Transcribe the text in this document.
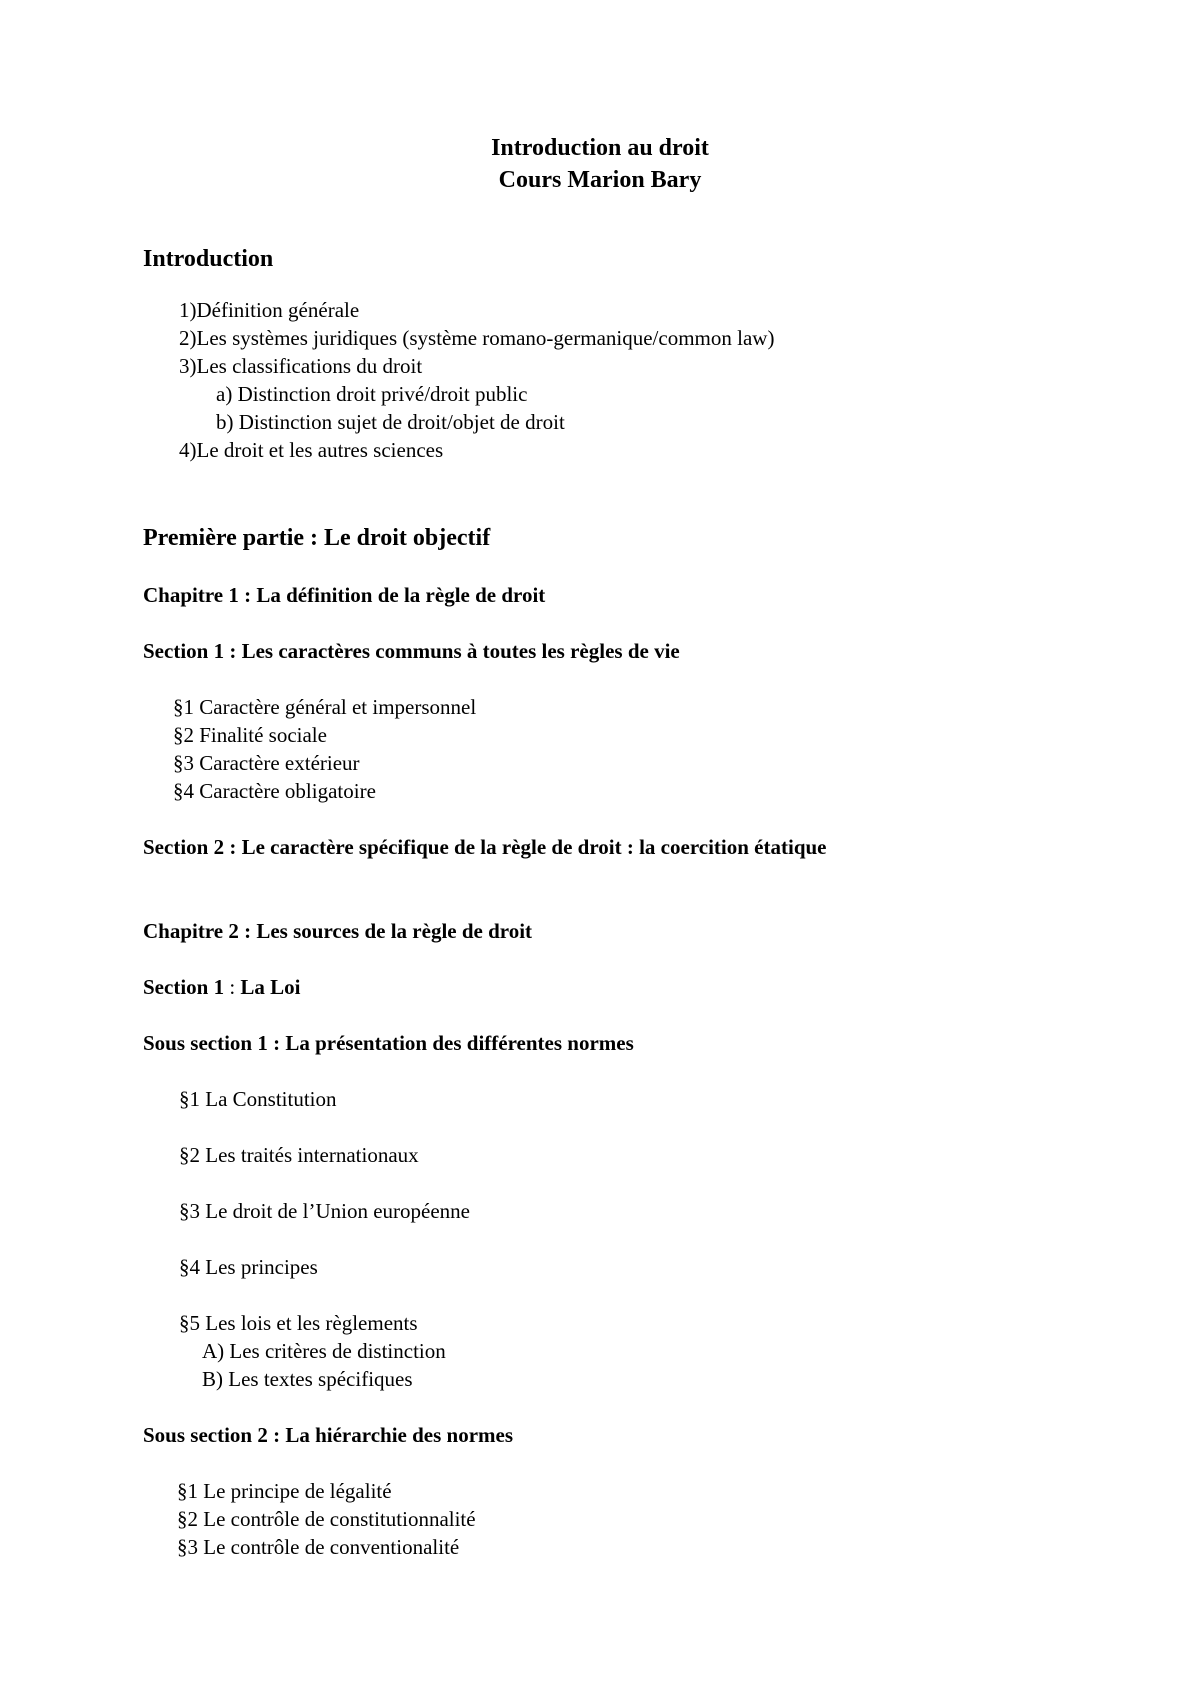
Introduction au droit
Cours Marion Bary
Introduction
1)Définition générale
2)Les systèmes juridiques (système romano-germanique/common law)
3)Les classifications du droit
a) Distinction droit privé/droit public
b) Distinction sujet de droit/objet de droit
4)Le droit et les autres sciences
Première partie : Le droit objectif
Chapitre 1 : La définition de la règle de droit
Section 1 : Les caractères communs à toutes les règles de vie
§1 Caractère général et impersonnel
§2 Finalité sociale
§3 Caractère extérieur
§4 Caractère obligatoire
Section 2 : Le caractère spécifique de la règle de droit : la coercition étatique
Chapitre 2 : Les sources de la règle de droit
Section 1 : La Loi
Sous section 1 : La présentation des différentes normes
§1 La Constitution
§2 Les traités internationaux
§3 Le droit de l’Union européenne
§4 Les principes
§5 Les lois et les règlements
A) Les critères de distinction
B) Les textes spécifiques
Sous section 2 : La hiérarchie des normes
§1 Le principe de légalité
§2 Le contrôle de constitutionnalité
§3 Le contrôle de conventionalité
